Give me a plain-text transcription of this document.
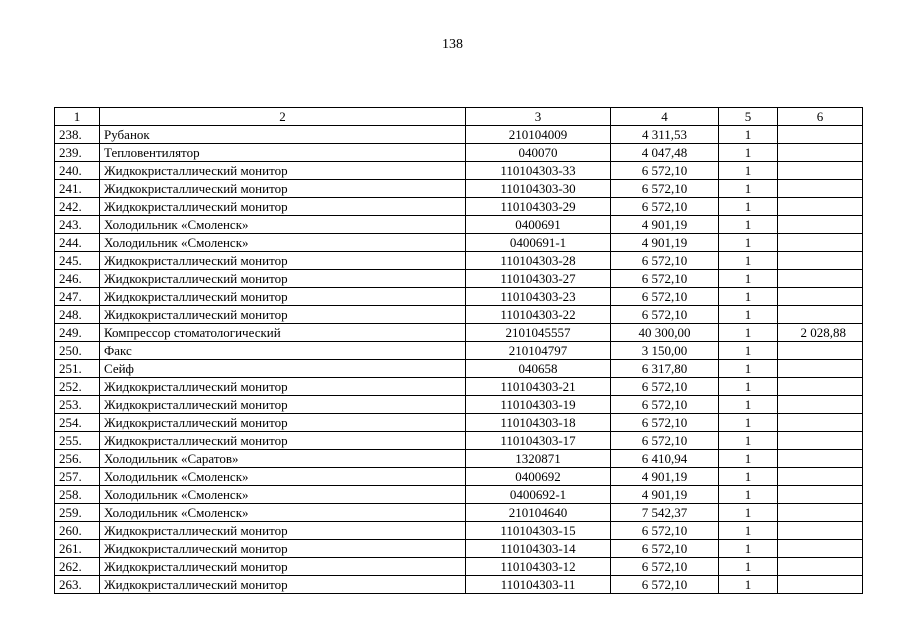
138
1	2	3	4	5	6
238.	Рубанок	210104009	4 311,53	1	
239.	Тепловентилятор	040070	4 047,48	1	
240.	Жидкокристаллический монитор	110104303-33	6 572,10	1	
241.	Жидкокристаллический монитор	110104303-30	6 572,10	1	
242.	Жидкокристаллический монитор	110104303-29	6 572,10	1	
243.	Холодильник «Смоленск»	0400691	4 901,19	1	
244.	Холодильник «Смоленск»	0400691-1	4 901,19	1	
245.	Жидкокристаллический монитор	110104303-28	6 572,10	1	
246.	Жидкокристаллический монитор	110104303-27	6 572,10	1	
247.	Жидкокристаллический монитор	110104303-23	6 572,10	1	
248.	Жидкокристаллический монитор	110104303-22	6 572,10	1	
249.	Компрессор стоматологический	2101045557	40 300,00	1	2 028,88
250.	Факс	210104797	3 150,00	1	
251.	Сейф	040658	6 317,80	1	
252.	Жидкокристаллический монитор	110104303-21	6 572,10	1	
253.	Жидкокристаллический монитор	110104303-19	6 572,10	1	
254.	Жидкокристаллический монитор	110104303-18	6 572,10	1	
255.	Жидкокристаллический монитор	110104303-17	6 572,10	1	
256.	Холодильник «Саратов»	1320871	6 410,94	1	
257.	Холодильник «Смоленск»	0400692	4 901,19	1	
258.	Холодильник «Смоленск»	0400692-1	4 901,19	1	
259.	Холодильник «Смоленск»	210104640	7 542,37	1	
260.	Жидкокристаллический монитор	110104303-15	6 572,10	1	
261.	Жидкокристаллический монитор	110104303-14	6 572,10	1	
262.	Жидкокристаллический монитор	110104303-12	6 572,10	1	
263.	Жидкокристаллический монитор	110104303-11	6 572,10	1	
